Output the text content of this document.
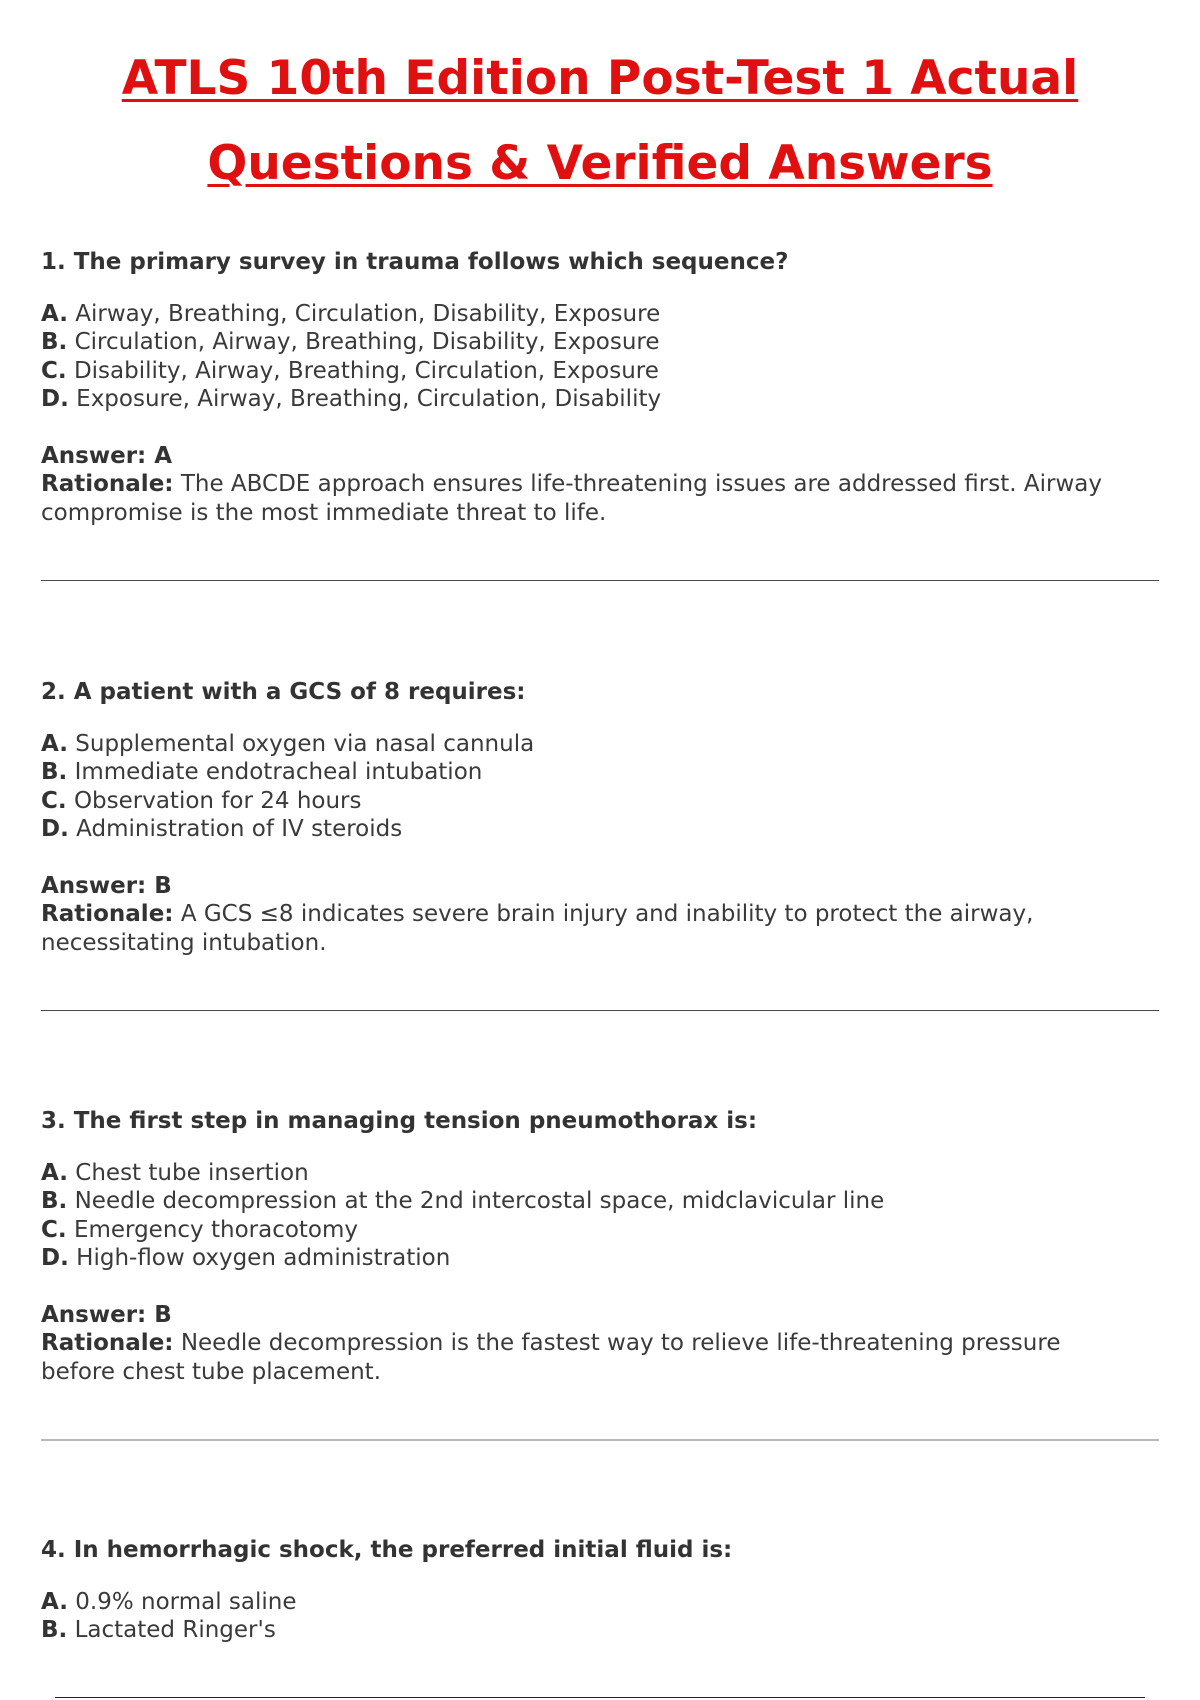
ATLS 10th Edition Post-Test 1 Actual
Questions & Verified Answers

1. The primary survey in trauma follows which sequence?

A. Airway, Breathing, Circulation, Disability, Exposure
B. Circulation, Airway, Breathing, Disability, Exposure
C. Disability, Airway, Breathing, Circulation, Exposure
D. Exposure, Airway, Breathing, Circulation, Disability

Answer: A

Rationale: The ABCDE approach ensures life-threatening issues are addressed first. Airway compromise is the most immediate threat to life.

2. A patient with a GCS of 8 requires:

A. Supplemental oxygen via nasal cannula
B. Immediate endotracheal intubation
C. Observation for 24 hours
D. Administration of IV steroids

Answer: B

Rationale: A GCS ≤8 indicates severe brain injury and inability to protect the airway, necessitating intubation.

3. The first step in managing tension pneumothorax is:

A. Chest tube insertion
B. Needle decompression at the 2nd intercostal space, midclavicular line
C. Emergency thoracotomy
D. High-flow oxygen administration

Answer: B

Rationale: Needle decompression is the fastest way to relieve life-threatening pressure before chest tube placement.

4. In hemorrhagic shock, the preferred initial fluid is:

A. 0.9% normal saline
B. Lactated Ringer's
